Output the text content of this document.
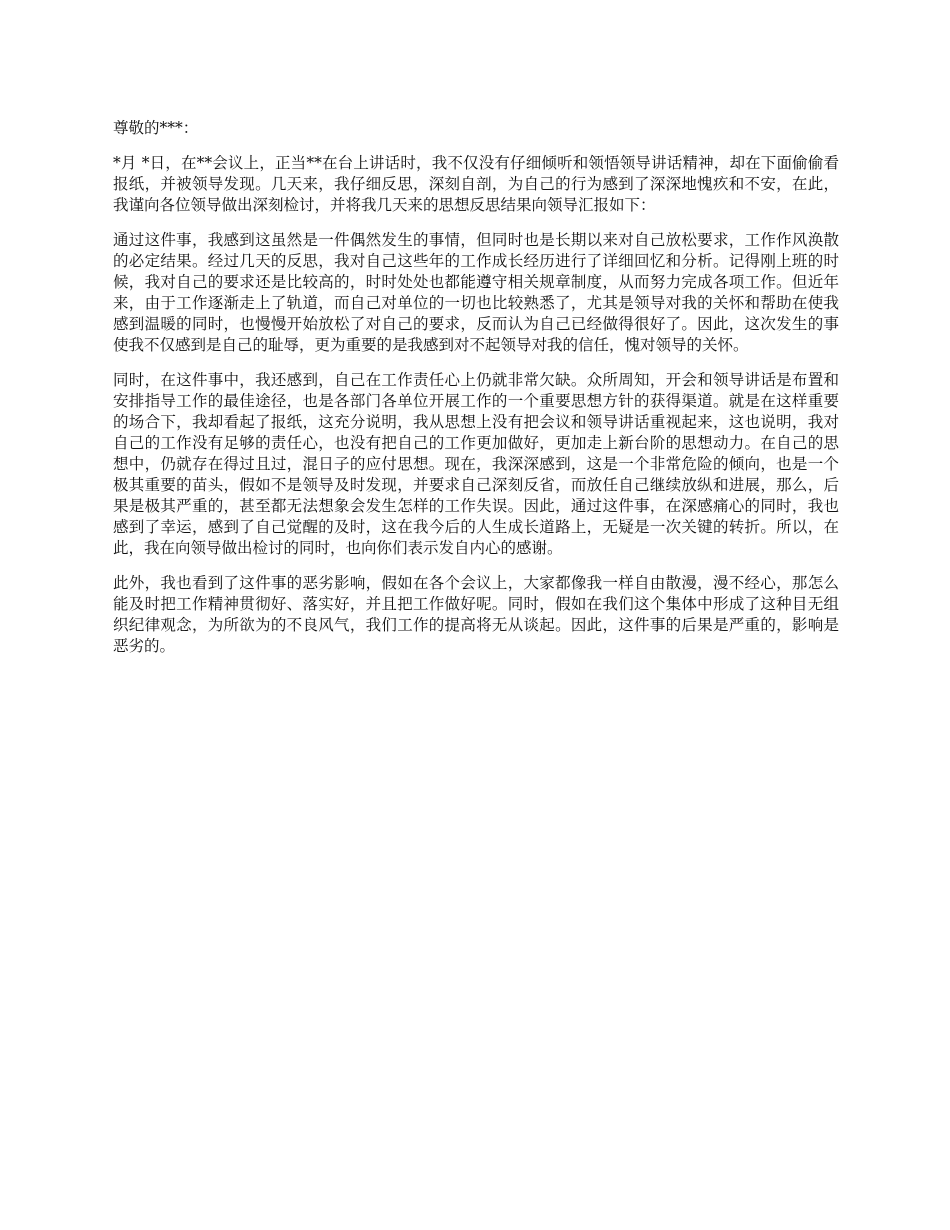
尊敬的***：

*月 *日，在**会议上，正当**在台上讲话时，我不仅没有仔细倾听和领悟领导讲话精神，却在下面偷偷看报纸，并被领导发现。几天来，我仔细反思，深刻自剖，为自己的行为感到了深深地愧疚和不安，在此，我谨向各位领导做出深刻检讨，并将我几天来的思想反思结果向领导汇报如下：

通过这件事，我感到这虽然是一件偶然发生的事情，但同时也是长期以来对自己放松要求，工作作风涣散的必定结果。经过几天的反思，我对自己这些年的工作成长经历进行了详细回忆和分析。记得刚上班的时候，我对自己的要求还是比较高的，时时处处也都能遵守相关规章制度，从而努力完成各项工作。但近年来，由于工作逐渐走上了轨道，而自己对单位的一切也比较熟悉了，尤其是领导对我的关怀和帮助在使我感到温暖的同时，也慢慢开始放松了对自己的要求，反而认为自己已经做得很好了。因此，这次发生的事使我不仅感到是自己的耻辱，更为重要的是我感到对不起领导对我的信任，愧对领导的关怀。

同时，在这件事中，我还感到，自己在工作责任心上仍就非常欠缺。众所周知，开会和领导讲话是布置和安排指导工作的最佳途径，也是各部门各单位开展工作的一个重要思想方针的获得渠道。就是在这样重要的场合下，我却看起了报纸，这充分说明，我从思想上没有把会议和领导讲话重视起来，这也说明，我对自己的工作没有足够的责任心，也没有把自己的工作更加做好，更加走上新台阶的思想动力。在自己的思想中，仍就存在得过且过，混日子的应付思想。现在，我深深感到，这是一个非常危险的倾向，也是一个极其重要的苗头，假如不是领导及时发现，并要求自己深刻反省，而放任自己继续放纵和进展，那么，后果是极其严重的，甚至都无法想象会发生怎样的工作失误。因此，通过这件事，在深感痛心的同时，我也感到了幸运，感到了自己觉醒的及时，这在我今后的人生成长道路上，无疑是一次关键的转折。所以，在此，我在向领导做出检讨的同时，也向你们表示发自内心的感谢。

此外，我也看到了这件事的恶劣影响，假如在各个会议上，大家都像我一样自由散漫，漫不经心，那怎么能及时把工作精神贯彻好、落实好，并且把工作做好呢。同时，假如在我们这个集体中形成了这种目无组织纪律观念，为所欲为的不良风气，我们工作的提高将无从谈起。因此，这件事的后果是严重的，影响是恶劣的。
